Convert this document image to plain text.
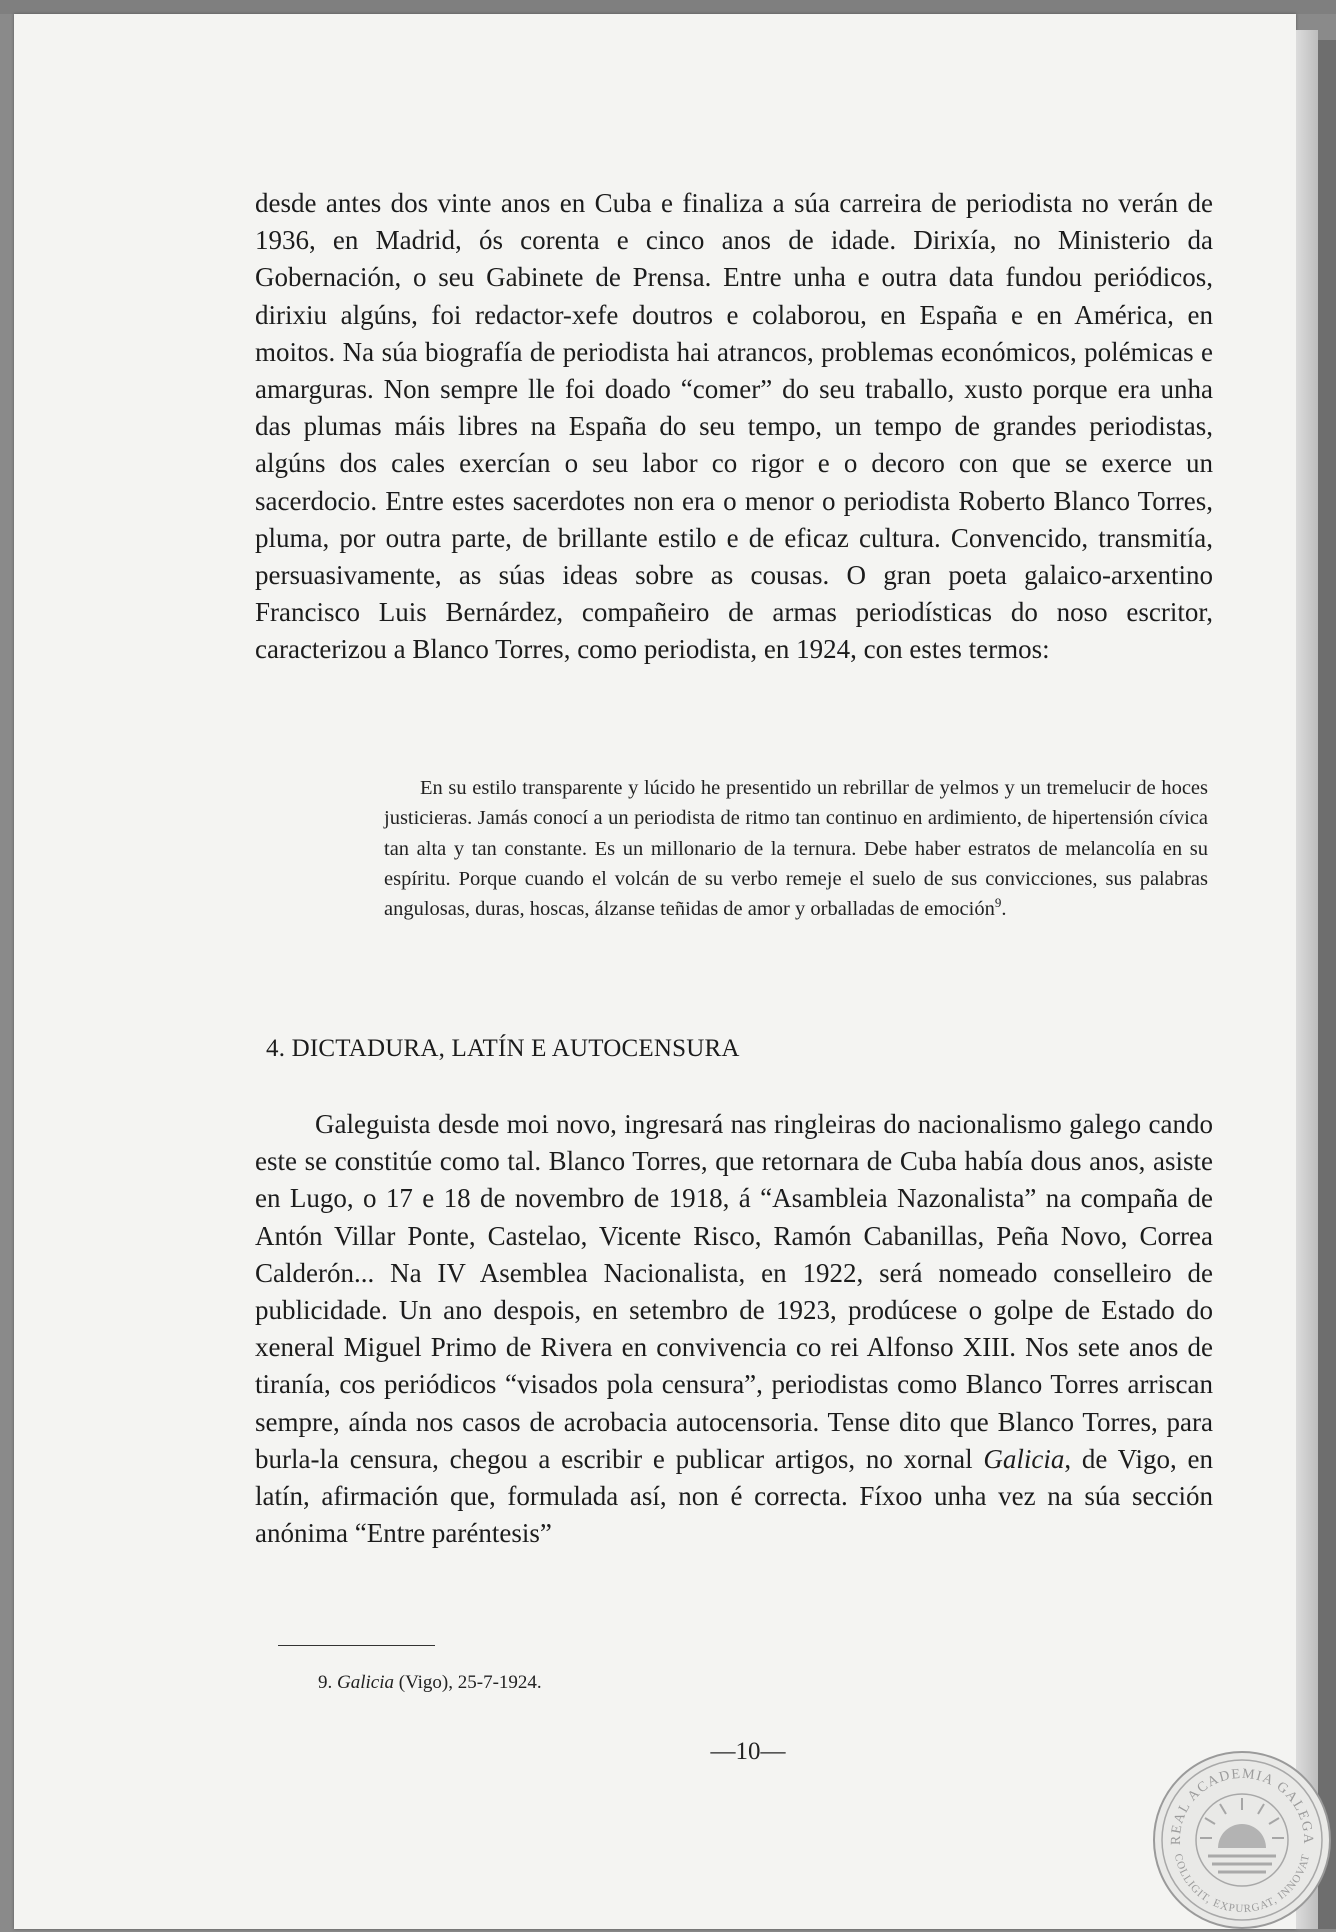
desde antes dos vinte anos en Cuba e finaliza a súa carreira de periodista no verán de 1936, en Madrid, ós corenta e cinco anos de idade. Dirixía, no Ministerio da Gobernación, o seu Gabinete de Prensa. Entre unha e outra data fundou periódicos, dirixiu algúns, foi redactor-xefe doutros e colaborou, en España e en América, en moitos. Na súa biografía de periodista hai atrancos, problemas económicos, polémicas e amarguras. Non sempre lle foi doado “comer” do seu traballo, xusto porque era unha das plumas máis libres na España do seu tempo, un tempo de grandes periodistas, algúns dos cales exercían o seu labor co rigor e o decoro con que se exerce un sacerdocio. Entre estes sacerdotes non era o menor o periodista Roberto Blanco Torres, pluma, por outra parte, de brillante estilo e de eficaz cultura. Convencido, transmitía, persuasivamente, as súas ideas sobre as cousas. O gran poeta galaico-arxentino Francisco Luis Bernárdez, compañeiro de armas periodísticas do noso escritor, caracterizou a Blanco Torres, como periodista, en 1924, con estes termos:

En su estilo transparente y lúcido he presentido un rebrillar de yelmos y un tremelucir de hoces justicieras. Jamás conocí a un periodista de ritmo tan continuo en ardimiento, de hipertensión cívica tan alta y tan constante. Es un millonario de la ternura. Debe haber estratos de melancolía en su espíritu. Porque cuando el volcán de su verbo remeje el suelo de sus convicciones, sus palabras angulosas, duras, hoscas, álzanse teñidas de amor y orballadas de emoción$^9$.

4. DICTADURA, LATÍN E AUTOCENSURA

Galeguista desde moi novo, ingresará nas ringleiras do nacionalismo galego cando este se constitúe como tal. Blanco Torres, que retornara de Cuba había dous anos, asiste en Lugo, o 17 e 18 de novembro de 1918, á “Asambleia Nazonalista” na compaña de Antón Villar Ponte, Castelao, Vicente Risco, Ramón Cabanillas, Peña Novo, Correa Calderón... Na IV Asemblea Nacionalista, en 1922, será nomeado conselleiro de publicidade. Un ano despois, en setembro de 1923, prodúcese o golpe de Estado do xeneral Miguel Primo de Rivera en convivencia co rei Alfonso XIII. Nos sete anos de tiranía, cos periódicos “visados pola censura”, periodistas como Blanco Torres arriscan sempre, aínda nos casos de acrobacia autocensoria. Tense dito que Blanco Torres, para burla-la censura, chegou a escribir e publicar artigos, no xornal Galicia, de Vigo, en latín, afirmación que, formulada así, non é correcta. Fíxoo unha vez na súa sección anónima “Entre paréntesis”

9. Galicia (Vigo), 25-7-1924.
—10—
REAL ACADEMIA GALEGA
COLLIGIT, EXPURGAT, INNOVAT
